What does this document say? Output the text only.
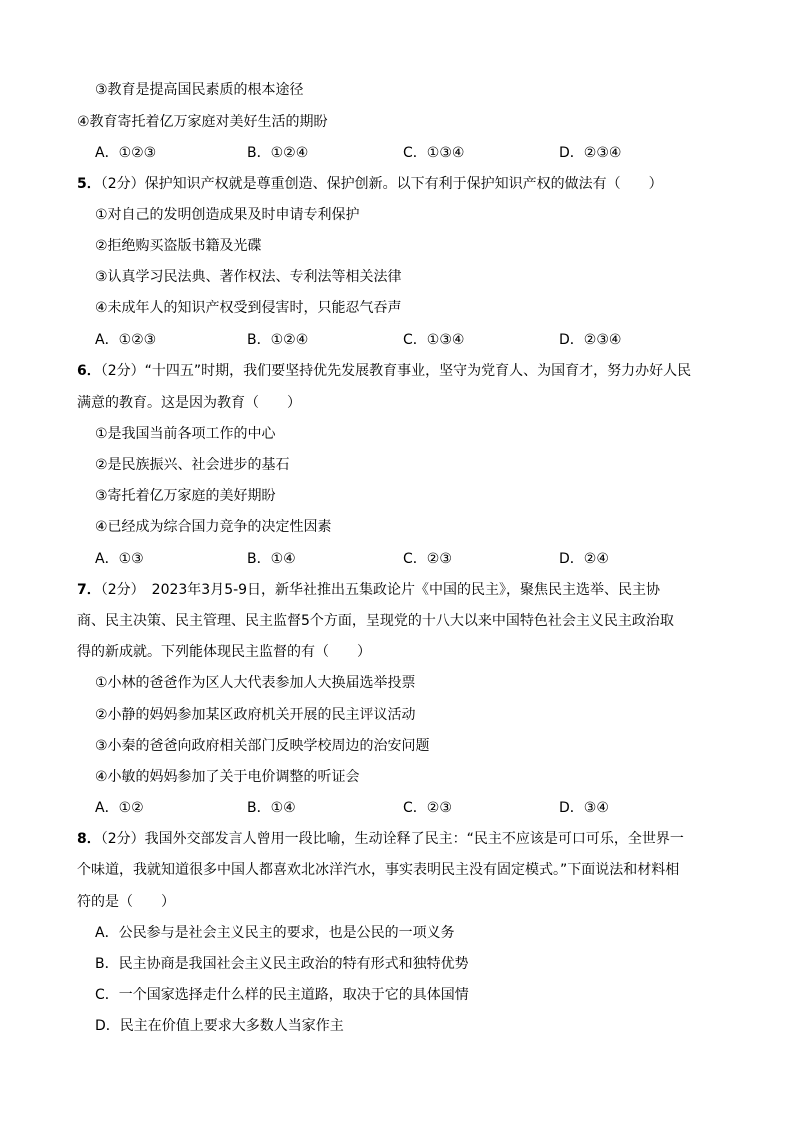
③教育是提高国民素质的根本途径
④教育寄托着亿万家庭对美好生活的期盼
A．①②③	B．①②④	C．①③④	D．②③④
5．（2分）保护知识产权就是尊重创造、保护创新。以下有利于保护知识产权的做法有（　　）
①对自己的发明创造成果及时申请专利保护
②拒绝购买盗版书籍及光碟
③认真学习民法典、著作权法、专利法等相关法律
④未成年人的知识产权受到侵害时，只能忍气吞声
A．①②③	B．①②④	C．①③④	D．②③④
6．（2分）“十四五”时期，我们要坚持优先发展教育事业，坚守为党育人、为国育才，努力办好人民
满意的教育。这是因为教育（　　）
①是我国当前各项工作的中心
②是民族振兴、社会进步的基石
③寄托着亿万家庭的美好期盼
④已经成为综合国力竞争的决定性因素
A．①③	B．①④	C．②③	D．②④
7．（2分）　2023年3月5-9日，新华社推出五集政论片《中国的民主》，聚焦民主选举、民主协
商、民主决策、民主管理、民主监督5个方面，呈现党的十八大以来中国特色社会主义民主政治取
得的新成就。下列能体现民主监督的有（　　）
①小林的爸爸作为区人大代表参加人大换届选举投票
②小静的妈妈参加某区政府机关开展的民主评议活动
③小秦的爸爸向政府相关部门反映学校周边的治安问题
④小敏的妈妈参加了关于电价调整的听证会
A．①②	B．①④	C．②③	D．③④
8．（2分）我国外交部发言人曾用一段比喻，生动诠释了民主：“民主不应该是可口可乐，全世界一
个味道，我就知道很多中国人都喜欢北冰洋汽水，事实表明民主没有固定模式。”下面说法和材料相
符的是（　　）
A．公民参与是社会主义民主的要求，也是公民的一项义务
B．民主协商是我国社会主义民主政治的特有形式和独特优势
C．一个国家选择走什么样的民主道路，取决于它的具体国情
D．民主在价值上要求大多数人当家作主
